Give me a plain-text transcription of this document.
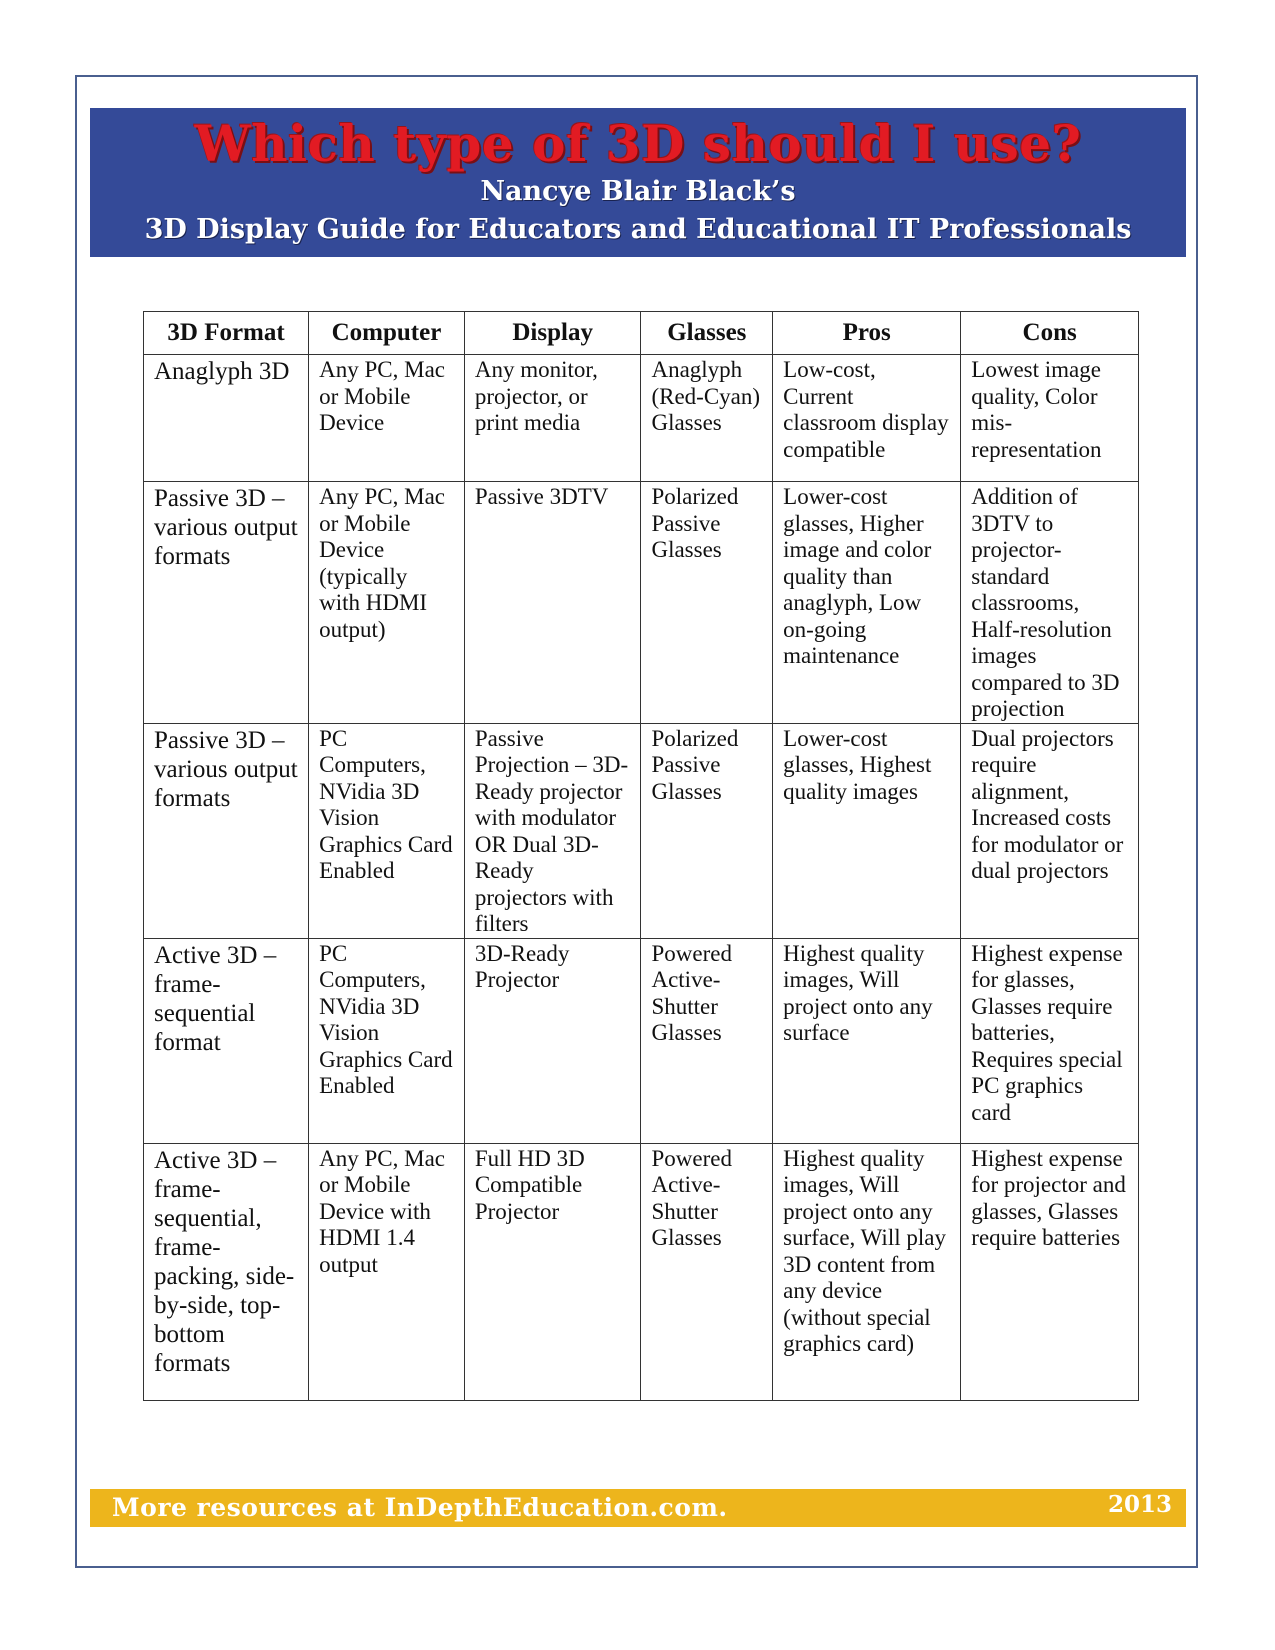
Which type of 3D should I use?
Nancye Blair Black’s
3D Display Guide for Educators and Educational IT Professionals
3D Format	Computer	Display	Glasses	Pros	Cons
Anaglyph 3D	Any PC, Mac or Mobile Device	Any monitor, projector, or print media	Anaglyph (Red-Cyan) Glasses	Low-cost, Current classroom display compatible	Lowest image quality, Color mis-representation
Passive 3D – various output formats	Any PC, Mac or Mobile Device (typically with HDMI output)	Passive 3DTV	Polarized Passive Glasses	Lower-cost glasses, Higher image and color quality than anaglyph, Low on-going maintenance	Addition of 3DTV to projector-standard classrooms, Half-resolution images compared to 3D projection
Passive 3D – various output formats	PC Computers, NVidia 3D Vision Graphics Card Enabled	Passive Projection – 3D-Ready projector with modulator OR Dual 3D-Ready projectors with filters	Polarized Passive Glasses	Lower-cost glasses, Highest quality images	Dual projectors require alignment, Increased costs for modulator or dual projectors
Active 3D – frame-sequential format	PC Computers, NVidia 3D Vision Graphics Card Enabled	3D-Ready Projector	Powered Active-Shutter Glasses	Highest quality images, Will project onto any surface	Highest expense for glasses, Glasses require batteries, Requires special PC graphics card
Active 3D – frame-sequential, frame-packing, side-by-side, top-bottom formats	Any PC, Mac or Mobile Device with HDMI 1.4 output	Full HD 3D Compatible Projector	Powered Active-Shutter Glasses	Highest quality images, Will project onto any surface, Will play 3D content from any device (without special graphics card)	Highest expense for projector and glasses, Glasses require batteries
More resources at InDepthEducation.com.	2013
